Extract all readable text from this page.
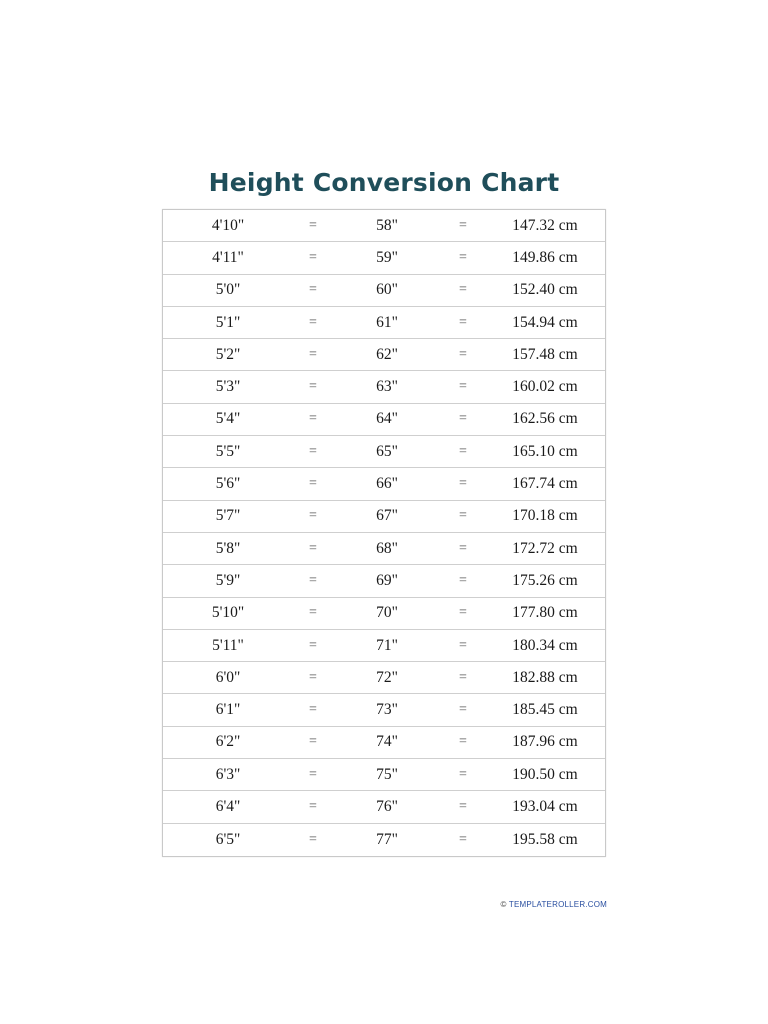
Height Conversion Chart
4'10"	=	58"	=	147.32 cm
4'11"	=	59"	=	149.86 cm
5'0"	=	60"	=	152.40 cm
5'1"	=	61"	=	154.94 cm
5'2"	=	62"	=	157.48 cm
5'3"	=	63"	=	160.02 cm
5'4"	=	64"	=	162.56 cm
5'5"	=	65"	=	165.10 cm
5'6"	=	66"	=	167.74 cm
5'7"	=	67"	=	170.18 cm
5'8"	=	68"	=	172.72 cm
5'9"	=	69"	=	175.26 cm
5'10"	=	70"	=	177.80 cm
5'11"	=	71"	=	180.34 cm
6'0"	=	72"	=	182.88 cm
6'1"	=	73"	=	185.45 cm
6'2"	=	74"	=	187.96 cm
6'3"	=	75"	=	190.50 cm
6'4"	=	76"	=	193.04 cm
6'5"	=	77"	=	195.58 cm
© TEMPLATEROLLER.COM
